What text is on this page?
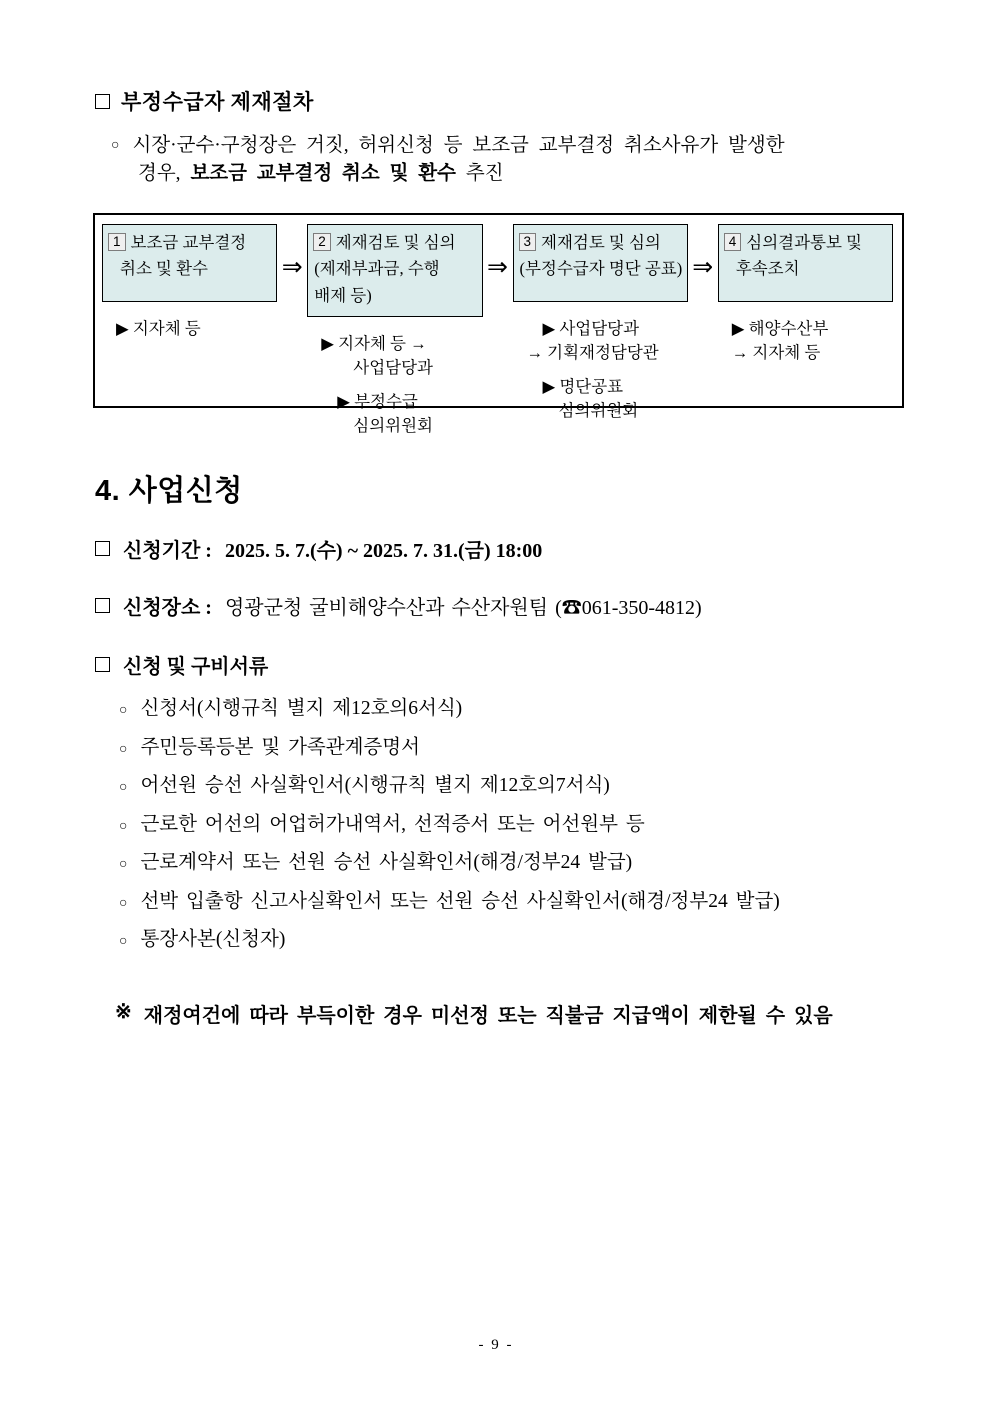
부정수급자 제재절차
○ 시장·군수·구청장은 거짓, 허위신청 등 보조금 교부결정 취소사유가 발생한
경우, 보조금 교부결정 취소 및 환수 추진
1 보조금 교부결정
취소 및 환수
▶ 지자체 등
⇒
2 제재검토 및 심의
(제재부과금, 수행
배제 등)
▶ 지자체 등 →
사업담당과
▶ 부정수급
심의위원회
⇒
3 제재검토 및 심의
(부정수급자 명단 공표)
▶ 사업담당과
→ 기획재정담당관
▶ 명단공표
심의위원회
⇒
4 심의결과통보 및
후속조치
▶ 해양수산부
→ 지자체 등
4. 사업신청
신청기간 : 2025. 5. 7.(수) ~ 2025. 7. 31.(금) 18:00
신청장소 : 영광군청 굴비해양수산과 수산자원팀 (☎061-350-4812)
신청 및 구비서류
○ 신청서(시행규칙 별지 제12호의6서식)
○ 주민등록등본 및 가족관계증명서
○ 어선원 승선 사실확인서(시행규칙 별지 제12호의7서식)
○ 근로한 어선의 어업허가내역서, 선적증서 또는 어선원부 등
○ 근로계약서 또는 선원 승선 사실확인서(해경/정부24 발급)
○ 선박 입출항 신고사실확인서 또는 선원 승선 사실확인서(해경/정부24 발급)
○ 통장사본(신청자)
※ 재정여건에 따라 부득이한 경우 미선정 또는 직불금 지급액이 제한될 수 있음
- 9 -
